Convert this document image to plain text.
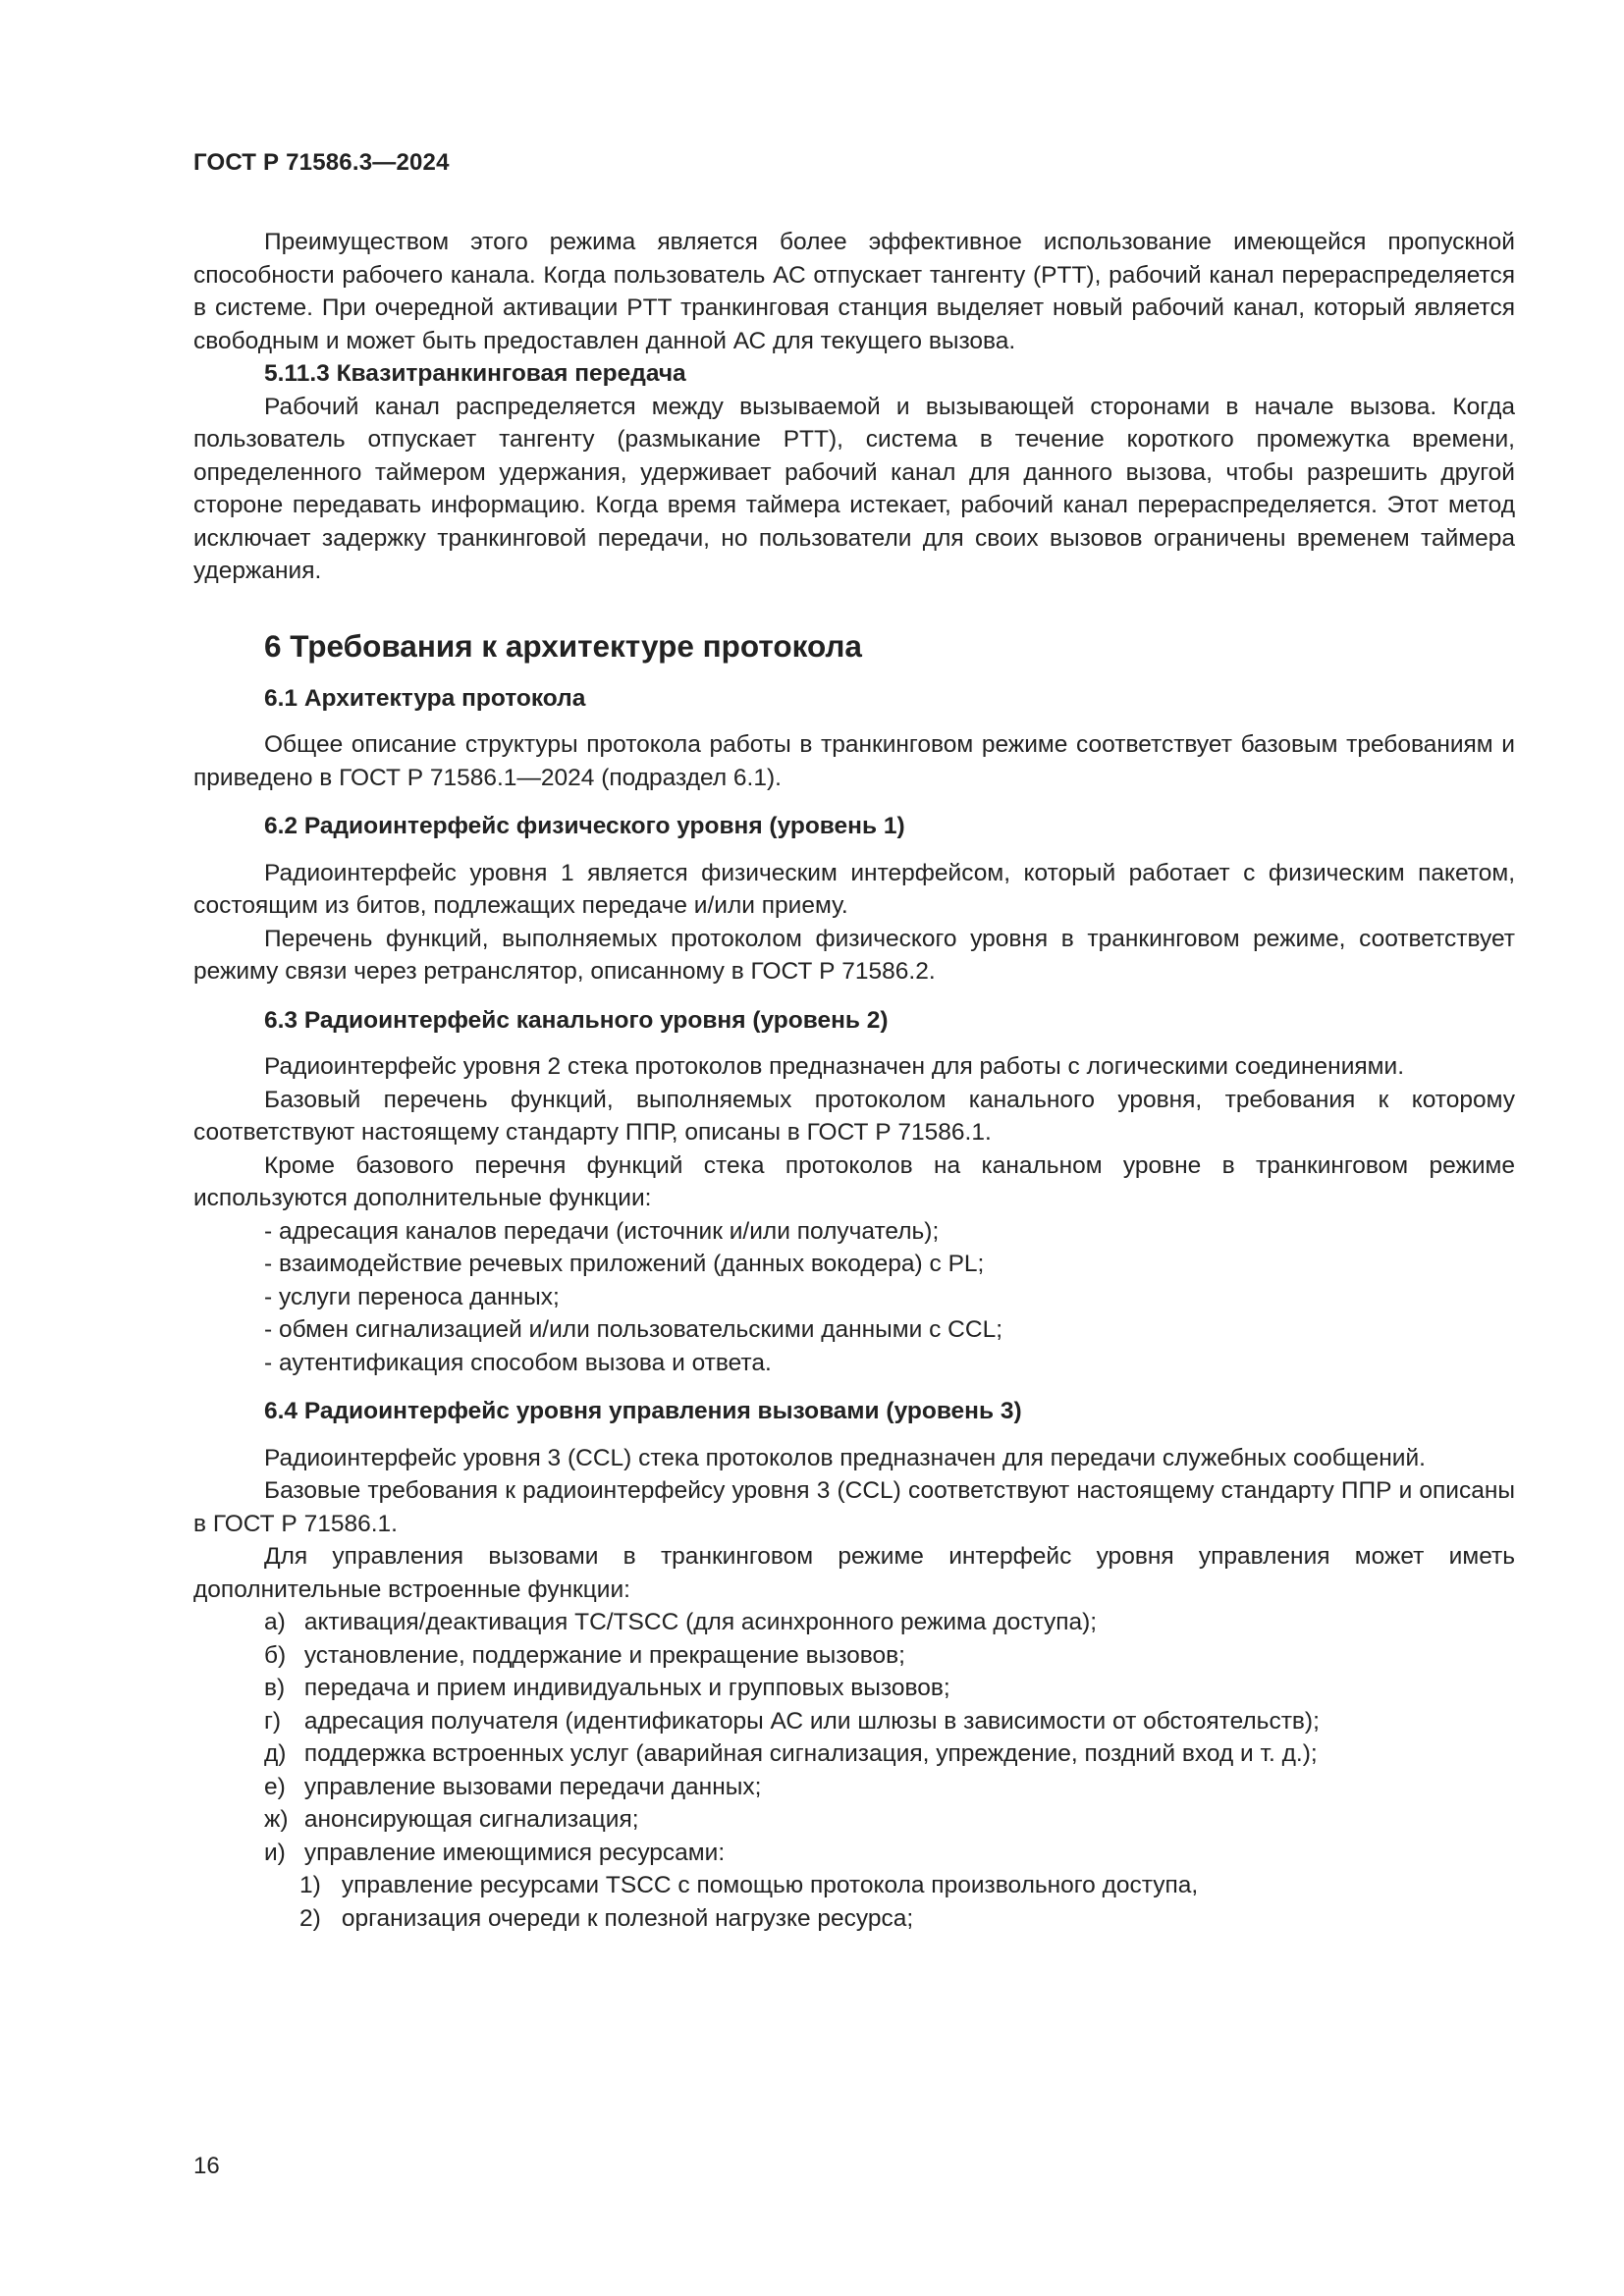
ГОСТ Р 71586.3—2024

Преимуществом этого режима является более эффективное использование имеющейся пропускной способности рабочего канала. Когда пользователь АС отпускает тангенту (PTT), рабочий канал перераспределяется в системе. При очередной активации PTT транкинговая станция выделяет новый рабочий канал, который является свободным и может быть предоставлен данной АС для текущего вызова.

5.11.3 Квазитранкинговая передача

Рабочий канал распределяется между вызываемой и вызывающей сторонами в начале вызова. Когда пользователь отпускает тангенту (размыкание PTT), система в течение короткого промежутка времени, определенного таймером удержания, удерживает рабочий канал для данного вызова, чтобы разрешить другой стороне передавать информацию. Когда время таймера истекает, рабочий канал перераспределяется. Этот метод исключает задержку транкинговой передачи, но пользователи для своих вызовов ограничены временем таймера удержания.

6 Требования к архитектуре протокола
6.1 Архитектура протокола

Общее описание структуры протокола работы в транкинговом режиме соответствует базовым требованиям и приведено в ГОСТ Р 71586.1—2024 (подраздел 6.1).

6.2 Радиоинтерфейс физического уровня (уровень 1)

Радиоинтерфейс уровня 1 является физическим интерфейсом, который работает с физическим пакетом, состоящим из битов, подлежащих передаче и/или приему.

Перечень функций, выполняемых протоколом физического уровня в транкинговом режиме, соответствует режиму связи через ретранслятор, описанному в ГОСТ Р 71586.2.

6.3 Радиоинтерфейс канального уровня (уровень 2)

Радиоинтерфейс уровня 2 стека протоколов предназначен для работы с логическими соединениями.

Базовый перечень функций, выполняемых протоколом канального уровня, требования к которому соответствуют настоящему стандарту ППР, описаны в ГОСТ Р 71586.1.

Кроме базового перечня функций стека протоколов на канальном уровне в транкинговом режиме используются дополнительные функции:

- адресация каналов передачи (источник и/или получатель);
- взаимодействие речевых приложений (данных вокодера) с PL;
- услуги переноса данных;
- обмен сигнализацией и/или пользовательскими данными с CCL;
- аутентификация способом вызова и ответа.
6.4 Радиоинтерфейс уровня управления вызовами (уровень 3)

Радиоинтерфейс уровня 3 (CCL) стека протоколов предназначен для передачи служебных сообщений.

Базовые требования к радиоинтерфейсу уровня 3 (CCL) соответствуют настоящему стандарту ППР и описаны в ГОСТ Р 71586.1.

Для управления вызовами в транкинговом режиме интерфейс уровня управления может иметь дополнительные встроенные функции:

а) активация/деактивация TC/TSCC (для асинхронного режима доступа);
б) установление, поддержание и прекращение вызовов;
в) передача и прием индивидуальных и групповых вызовов;
г) адресация получателя (идентификаторы АС или шлюзы в зависимости от обстоятельств);
д) поддержка встроенных услуг (аварийная сигнализация, упреждение, поздний вход и т. д.);
е) управление вызовами передачи данных;
ж) анонсирующая сигнализация;
и) управление имеющимися ресурсами:
1) управление ресурсами TSCC с помощью протокола произвольного доступа,
2) организация очереди к полезной нагрузке ресурса;
16
